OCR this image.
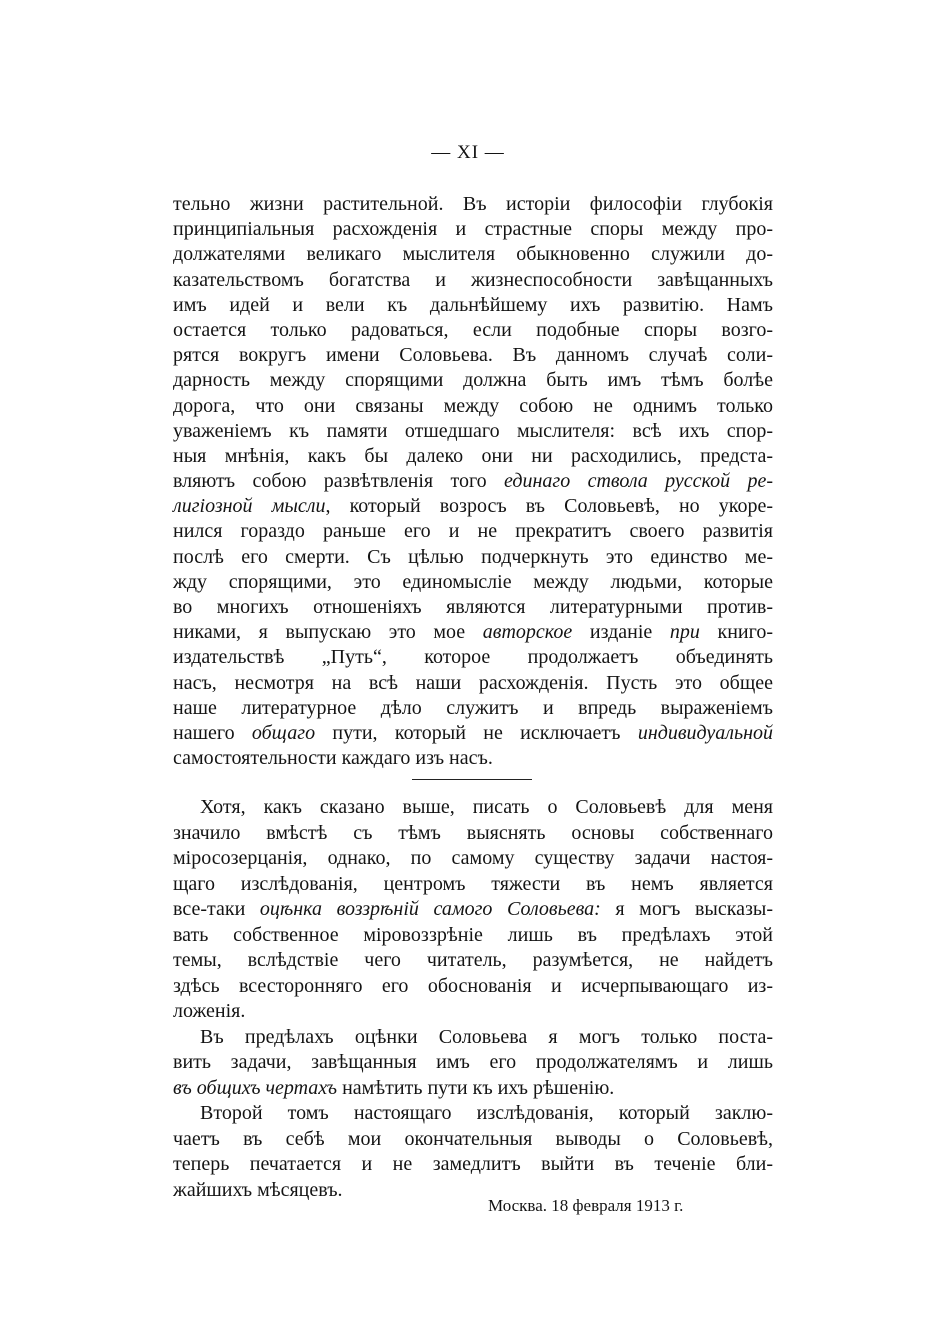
— XI —
тельно жизни растительной. Въ исторіи философіи глубокія
принципіальныя расхожденія и страстные споры между про-
должателями великаго мыслителя обыкновенно служили до-
казательствомъ богатства и жизнеспособности завѣщанныхъ
имъ идей и вели къ дальнѣйшему ихъ развитію. Намъ
остается только радоваться, если подобные споры возго-
рятся вокругъ имени Соловьева. Въ данномъ случаѣ соли-
дарность между спорящими должна быть имъ тѣмъ болѣе
дорога, что они связаны между собою не однимъ только
уваженіемъ къ памяти отшедшаго мыслителя: всѣ ихъ спор-
ныя мнѣнія, какъ бы далеко они ни расходились, предста-
вляютъ собою развѣтвленія того единаго ствола русской ре-
лигіозной мысли, который возросъ въ Соловьевѣ, но укоре-
нился гораздо раньше его и не прекратитъ своего развитія
послѣ его смерти. Съ цѣлью подчеркнуть это единство ме-
жду спорящими, это единомысліе между людьми, которые
во многихъ отношеніяхъ являются литературными против-
никами, я выпускаю это мое авторское изданіе при книго-
издательствѣ „Путь“, которое продолжаетъ объединять
насъ, несмотря на всѣ наши расхожденія. Пусть это общее
наше литературное дѣло служитъ и впредь выраженіемъ
нашего общаго пути, который не исключаетъ индивидуальной
самостоятельности каждаго изъ насъ.
Хотя, какъ сказано выше, писать о Соловьевѣ для меня
значило вмѣстѣ съ тѣмъ выяснять основы собственнаго
міросозерцанія, однако, по самому существу задачи настоя-
щаго изслѣдованія, центромъ тяжести въ немъ является
все-таки оцѣнка воззрѣній самого Соловьева: я могъ высказы-
вать собственное міровоззрѣніе лишь въ предѣлахъ этой
темы, вслѣдствіе чего читатель, разумѣется, не найдетъ
здѣсь всесторонняго его обоснованія и исчерпывающаго из-
ложенія.
Въ предѣлахъ оцѣнки Соловьева я могъ только поста-
вить задачи, завѣщанныя имъ его продолжателямъ и лишь
въ общихъ чертахъ намѣтить пути къ ихъ рѣшенію.
Второй томъ настоящаго изслѣдованія, который заклю-
чаетъ въ себѣ мои окончательныя выводы о Соловьевѣ,
теперь печатается и не замедлитъ выйти въ теченіе бли-
жайшихъ мѣсяцевъ.
Москва. 18 февраля 1913 г.
